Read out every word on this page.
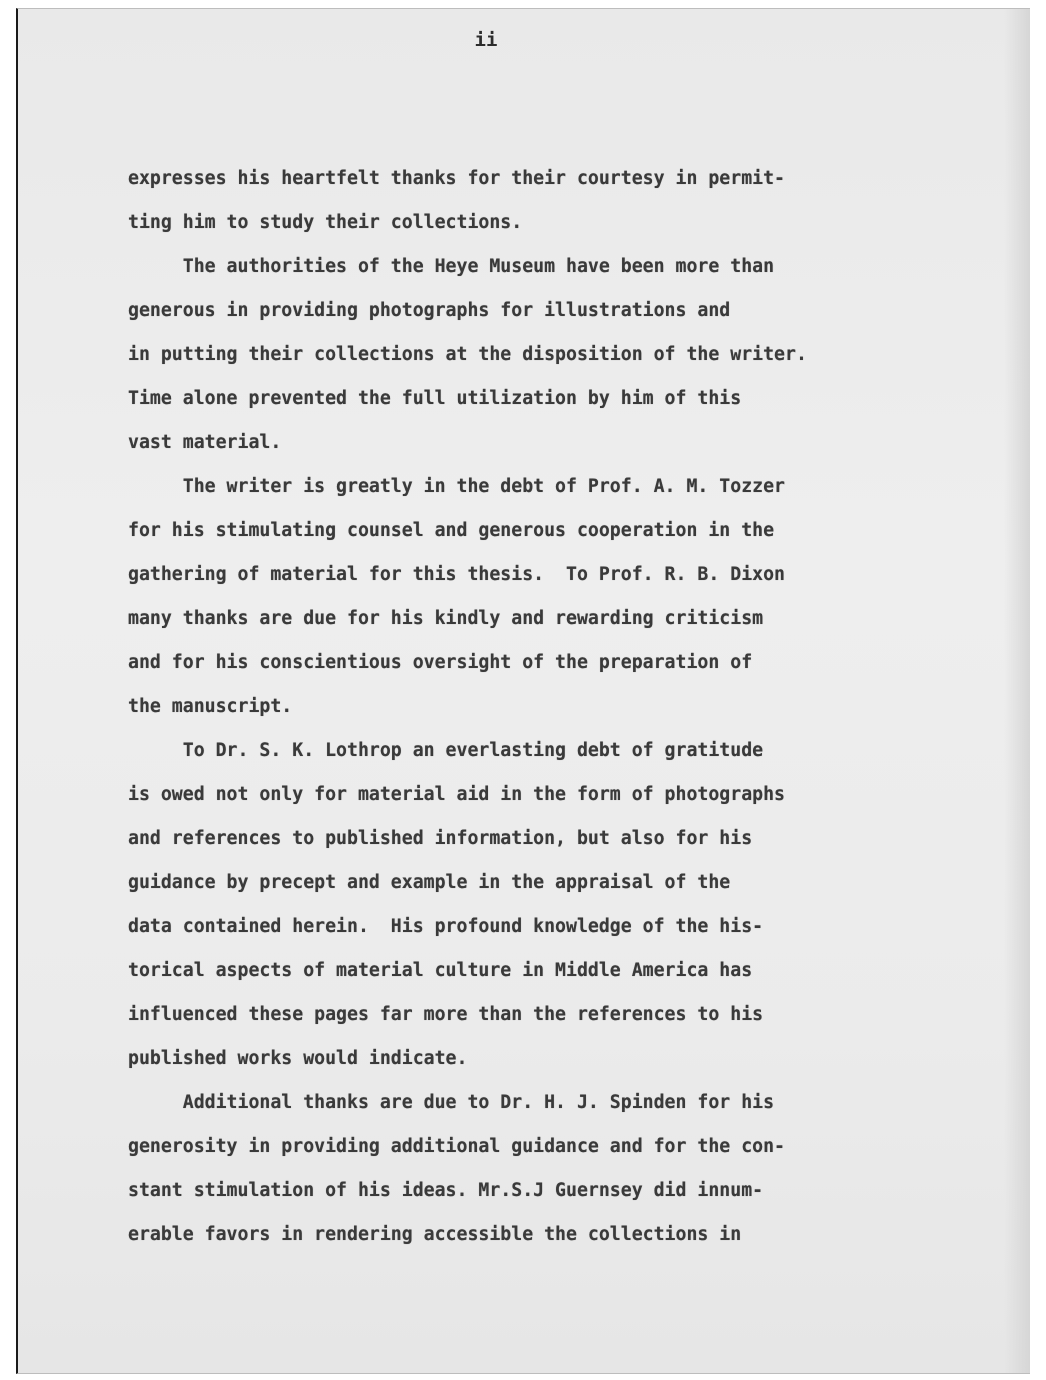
ii
expresses his heartfelt thanks for their courtesy in permit-
ting him to study their collections.
The authorities of the Heye Museum have been more than
generous in providing photographs for illustrations and
in putting their collections at the disposition of the writer.
Time alone prevented the full utilization by him of this
vast material.
The writer is greatly in the debt of Prof. A. M. Tozzer
for his stimulating counsel and generous cooperation in the
gathering of material for this thesis.  To Prof. R. B. Dixon
many thanks are due for his kindly and rewarding criticism
and for his conscientious oversight of the preparation of
the manuscript.
To Dr. S. K. Lothrop an everlasting debt of gratitude
is owed not only for material aid in the form of photographs
and references to published information, but also for his
guidance by precept and example in the appraisal of the
data contained herein.  His profound knowledge of the his-
torical aspects of material culture in Middle America has
influenced these pages far more than the references to his
published works would indicate.
Additional thanks are due to Dr. H. J. Spinden for his
generosity in providing additional guidance and for the con-
stant stimulation of his ideas. Mr.S.J Guernsey did innum-
erable favors in rendering accessible the collections in
